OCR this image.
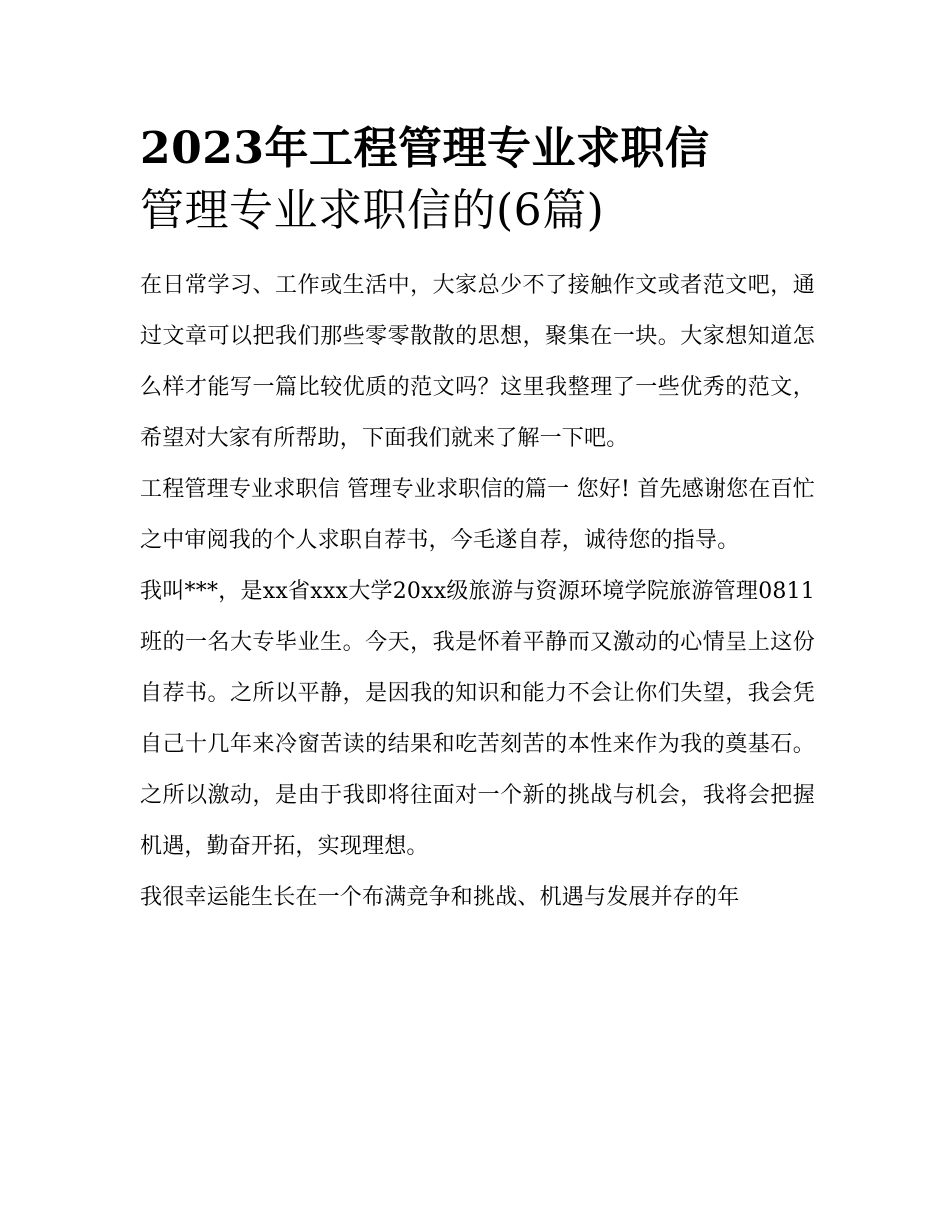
2023年工程管理专业求职信
管理专业求职信的(6篇)

在日常学习、工作或生活中，大家总少不了接触作文或者范文吧，通过文章可以把我们那些零零散散的思想，聚集在一块。大家想知道怎么样才能写一篇比较优质的范文吗？这里我整理了一些优秀的范文，希望对大家有所帮助，下面我们就来了解一下吧。

工程管理专业求职信 管理专业求职信的篇一 您好! 首先感谢您在百忙之中审阅我的个人求职自荐书，今毛遂自荐，诚待您的指导。

我叫***，是xx省xxx大学20xx级旅游与资源环境学院旅游管理0811班的一名大专毕业生。今天，我是怀着平静而又激动的心情呈上这份自荐书。之所以平静，是因我的知识和能力不会让你们失望，我会凭自己十几年来冷窗苦读的结果和吃苦刻苦的本性来作为我的奠基石。之所以激动，是由于我即将往面对一个新的挑战与机会，我将会把握机遇，勤奋开拓，实现理想。

我很幸运能生长在一个布满竞争和挑战、机遇与发展并存的年
